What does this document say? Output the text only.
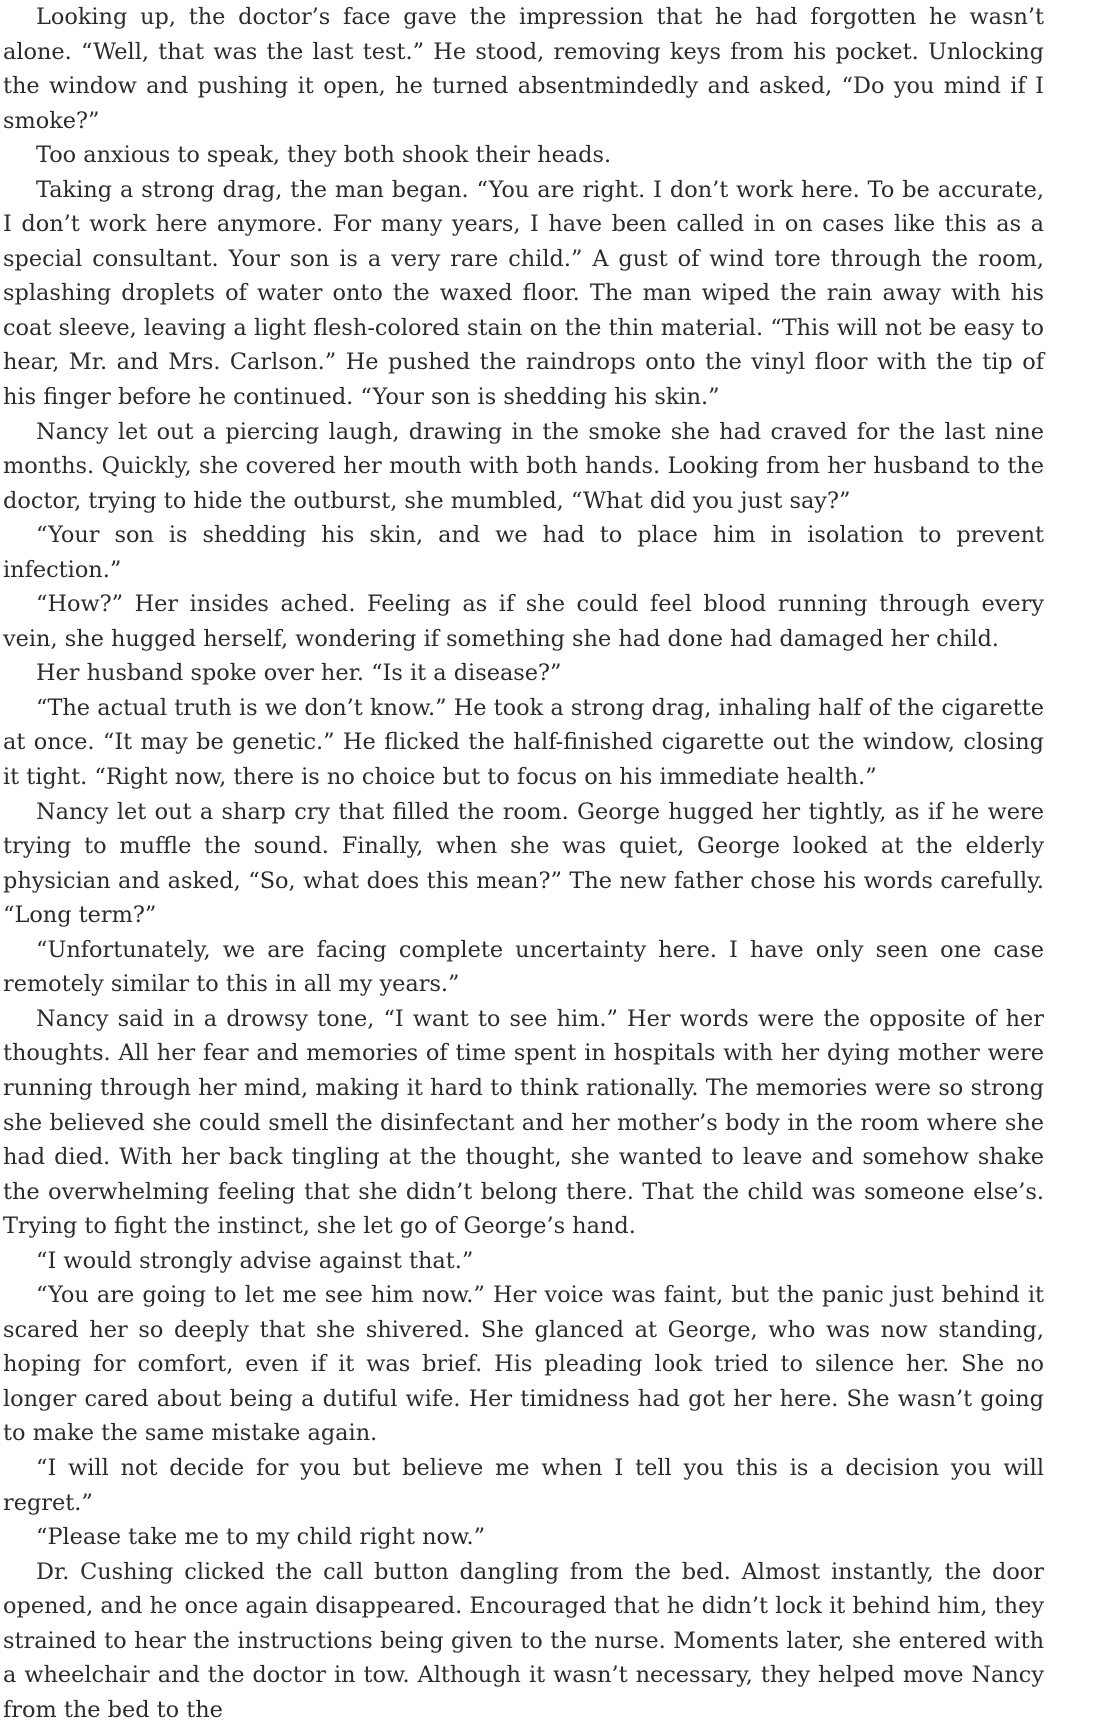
Looking up, the doctor’s face gave the impression that he had forgotten he wasn’t alone. “Well, that was the last test.” He stood, removing keys from his pocket. Unlocking the window and pushing it open, he turned absentmindedly and asked, “Do you mind if I smoke?”

Too anxious to speak, they both shook their heads.

Taking a strong drag, the man began. “You are right. I don’t work here. To be accurate, I don’t work here anymore. For many years, I have been called in on cases like this as a special consultant. Your son is a very rare child.” A gust of wind tore through the room, splashing droplets of water onto the waxed floor. The man wiped the rain away with his coat sleeve, leaving a light flesh-colored stain on the thin material. “This will not be easy to hear, Mr. and Mrs. Carlson.” He pushed the raindrops onto the vinyl floor with the tip of his finger before he continued. “Your son is shedding his skin.”

Nancy let out a piercing laugh, drawing in the smoke she had craved for the last nine months. Quickly, she covered her mouth with both hands. Looking from her husband to the doctor, trying to hide the outburst, she mumbled, “What did you just say?”

“Your son is shedding his skin, and we had to place him in isolation to prevent infection.”

“How?” Her insides ached. Feeling as if she could feel blood running through every vein, she hugged herself, wondering if something she had done had damaged her child.

Her husband spoke over her. “Is it a disease?”

“The actual truth is we don’t know.” He took a strong drag, inhaling half of the cigarette at once. “It may be genetic.” He flicked the half-finished cigarette out the window, closing it tight. “Right now, there is no choice but to focus on his immediate health.”

Nancy let out a sharp cry that filled the room. George hugged her tightly, as if he were trying to muffle the sound. Finally, when she was quiet, George looked at the elderly physician and asked, “So, what does this mean?” The new father chose his words carefully. “Long term?”

“Unfortunately, we are facing complete uncertainty here. I have only seen one case remotely similar to this in all my years.”

Nancy said in a drowsy tone, “I want to see him.” Her words were the opposite of her thoughts. All her fear and memories of time spent in hospitals with her dying mother were running through her mind, making it hard to think rationally. The memories were so strong she believed she could smell the disinfectant and her mother’s body in the room where she had died. With her back tingling at the thought, she wanted to leave and somehow shake the overwhelming feeling that she didn’t belong there. That the child was someone else’s. Trying to fight the instinct, she let go of George’s hand.

“I would strongly advise against that.”

“You are going to let me see him now.” Her voice was faint, but the panic just behind it scared her so deeply that she shivered. She glanced at George, who was now standing, hoping for comfort, even if it was brief. His pleading look tried to silence her. She no longer cared about being a dutiful wife. Her timidness had got her here. She wasn’t going to make the same mistake again.

“I will not decide for you but believe me when I tell you this is a decision you will regret.”

“Please take me to my child right now.”

Dr. Cushing clicked the call button dangling from the bed. Almost instantly, the door opened, and he once again disappeared. Encouraged that he didn’t lock it behind him, they strained to hear the instructions being given to the nurse. Moments later, she entered with a wheelchair and the doctor in tow. Although it wasn’t necessary, they helped move Nancy from the bed to the
